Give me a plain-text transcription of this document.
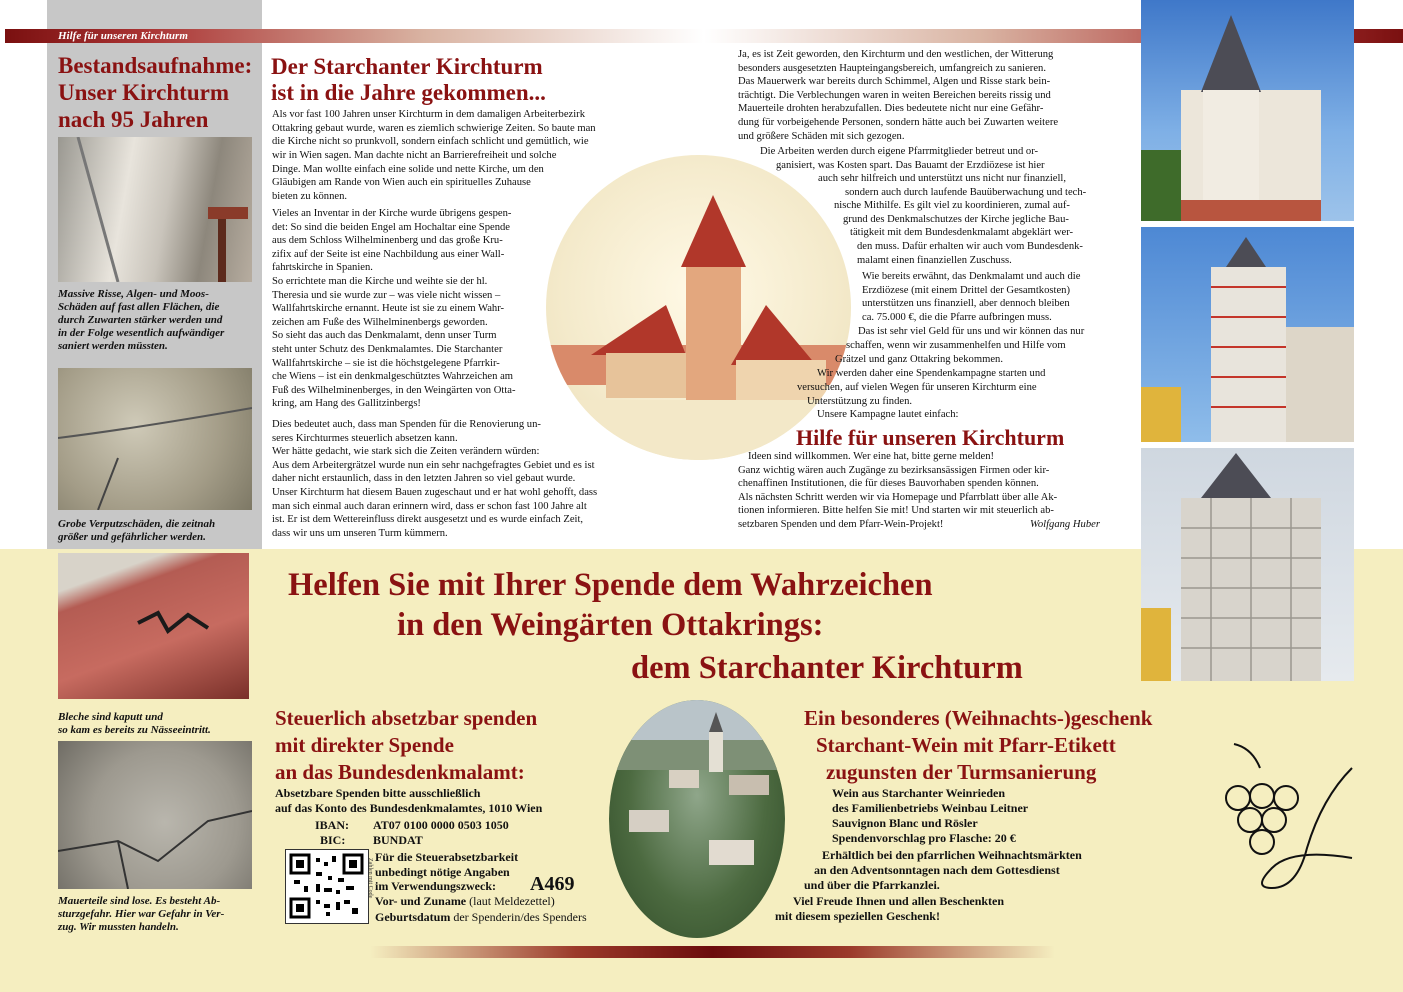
Hilfe für unseren Kirchturm
Bestandsaufnahme:
Unser Kirchturm
nach 95 Jahren
Massive Risse, Algen- und Moos-
Schäden auf fast allen Flächen, die
durch Zuwarten stärker werden und
in der Folge wesentlich aufwändiger
saniert werden müssten.
Grobe Verputzschäden, die zeitnah
größer und gefährlicher werden.
Bleche sind kaputt und
so kam es bereits zu Nässeeintritt.
Mauerteile sind lose. Es besteht Ab-
sturzgefahr. Hier war Gefahr in Ver-
zug. Wir mussten handeln.
Der Starchanter Kirchturm
ist in die Jahre gekommen...
Als vor fast 100 Jahren unser Kirchturm in dem damaligen Arbeiterbezirk
Ottakring gebaut wurde, waren es ziemlich schwierige Zeiten. So baute man
die Kirche nicht so prunkvoll, sondern einfach schlicht und gemütlich, wie
wir in Wien sagen. Man dachte nicht an Barrierefreiheit und solche
Dinge. Man wollte einfach eine solide und nette Kirche, um den
Gläubigen am Rande von Wien auch ein spirituelles Zuhause
bieten zu können.
Vieles an Inventar in der Kirche wurde übrigens gespen-
det: So sind die beiden Engel am Hochaltar eine Spende
aus dem Schloss Wilhelminenberg und das große Kru-
zifix auf der Seite ist eine Nachbildung aus einer Wall-
fahrtskirche in Spanien.
So errichtete man die Kirche und weihte sie der hl.
Theresia und sie wurde zur – was viele nicht wissen –
Wallfahrtskirche ernannt. Heute ist sie zu einem Wahr-
zeichen am Fuße des Wilhelminenbergs geworden.
So sieht das auch das Denkmalamt, denn unser Turm
steht unter Schutz des Denkmalamtes. Die Starchanter
Wallfahrtskirche – sie ist die höchstgelegene Pfarrkir-
che Wiens – ist ein denkmalgeschütztes Wahrzeichen am
Fuß des Wilhelminenberges, in den Weingärten von Otta-
kring, am Hang des Gallitzinbergs!
Dies bedeutet auch, dass man Spenden für die Renovierung un-
seres Kirchturmes steuerlich absetzen kann.
Wer hätte gedacht, wie stark sich die Zeiten verändern würden:
Aus dem Arbeitergrätzel wurde nun ein sehr nachgefragtes Gebiet und es ist
daher nicht erstaunlich, dass in den letzten Jahren so viel gebaut wurde.
Unser Kirchturm hat diesem Bauen zugeschaut und er hat wohl gehofft, dass
man sich einmal auch daran erinnern wird, dass er schon fast 100 Jahre alt
ist. Er ist dem Wettereinfluss direkt ausgesetzt und es wurde einfach Zeit,
dass wir uns um unseren Turm kümmern.
Ja, es ist Zeit geworden, den Kirchturm und den westlichen, der Witterung
besonders ausgesetzten Haupteingangsbereich, umfangreich zu sanieren.
Das Mauerwerk war bereits durch Schimmel, Algen und Risse stark bein-
trächtigt. Die Verblechungen waren in weiten Bereichen bereits rissig und
Mauerteile drohten herabzufallen. Dies bedeutete nicht nur eine Gefähr-
dung für vorbeigehende Personen, sondern hätte auch bei Zuwarten weitere
und größere Schäden mit sich gezogen.
Die Arbeiten werden durch eigene Pfarrmitglieder betreut und or-
ganisiert, was Kosten spart. Das Bauamt der Erzdiözese ist hier
auch sehr hilfreich und unterstützt uns nicht nur finanziell,
sondern auch durch laufende Bauüberwachung und tech-
nische Mithilfe. Es gilt viel zu koordinieren, zumal auf-
grund des Denkmalschutzes der Kirche jegliche Bau-
tätigkeit mit dem Bundesdenkmalamt abgeklärt wer-
den muss. Dafür erhalten wir auch vom Bundesdenk-
malamt einen finanziellen Zuschuss.
Wie bereits erwähnt, das Denkmalamt und auch die
Erzdiözese (mit einem Drittel der Gesamtkosten)
unterstützen uns finanziell, aber dennoch bleiben
ca. 75.000 €, die die Pfarre aufbringen muss.
Das ist sehr viel Geld für uns und wir können das nur
schaffen, wenn wir zusammenhelfen und Hilfe vom
Grätzel und ganz Ottakring bekommen.
Wir werden daher eine Spendenkampagne starten und
versuchen, auf vielen Wegen für unseren Kirchturm eine
Unterstützung zu finden.
Unsere Kampagne lautet einfach:
Hilfe für unseren Kirchturm
Ideen sind willkommen. Wer eine hat, bitte gerne melden!
Ganz wichtig wären auch Zugänge zu bezirksansässigen Firmen oder kir-
chenaffinen Institutionen, die für dieses Bauvorhaben spenden können.
Als nächsten Schritt werden wir via Homepage und Pfarrblatt über alle Ak-
tionen informieren. Bitte helfen Sie mit! Und starten wir mit steuerlich ab-
setzbaren Spenden und dem Pfarr-Wein-Projekt!	Wolfgang Huber
Helfen Sie mit Ihrer Spende dem Wahrzeichen
in den Weingärten Ottakrings:
dem Starchanter Kirchturm
Steuerlich absetzbar spenden
mit direkter Spende
an das Bundesdenkmalamt:
Absetzbare Spenden bitte ausschließlich
auf das Konto des Bundesdenkmalamtes, 1010 Wien
IBAN: AT07 0100 0000 0503 1050
BIC: BUNDAT
Zahlen mit Code
Für die Steuerabsetzbarkeit
unbedingt nötige Angaben
im Verwendungszweck:	A469
Vor- und Zuname (laut Meldezettel)
Geburtsdatum der Spenderin/des Spenders
Ein besonderes (Weihnachts-)geschenk
Starchant-Wein mit Pfarr-Etikett
zugunsten der Turmsanierung
Wein aus Starchanter Weinrieden
des Familienbetriebs Weinbau Leitner
Sauvignon Blanc und Rösler
Spendenvorschlag pro Flasche: 20 €
Erhältlich bei den pfarrlichen Weihnachtsmärkten
an den Adventsonntagen nach dem Gottesdienst
und über die Pfarrkanzlei.
Viel Freude Ihnen und allen Beschenkten
mit diesem speziellen Geschenk!
